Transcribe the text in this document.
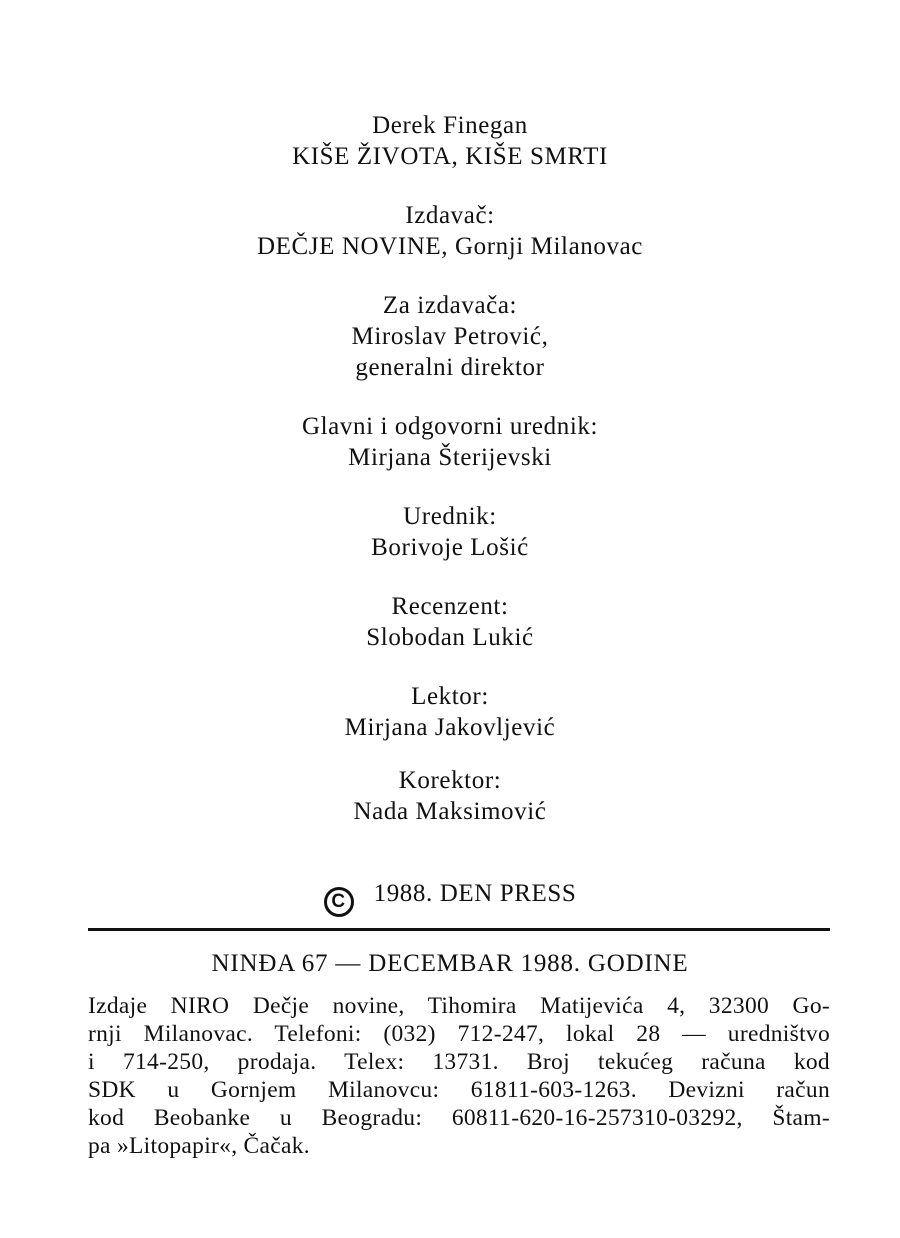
Derek Finegan
KIŠE ŽIVOTA, KIŠE SMRTI
Izdavač:
DEČJE NOVINE, Gornji Milanovac
Za izdavača:
Miroslav Petrović,
generalni direktor
Glavni i odgovorni urednik:
Mirjana Šterijevski
Urednik:
Borivoje Lošić
Recenzent:
Slobodan Lukić
Lektor:
Mirjana Jakovljević
Korektor:
Nada Maksimović
C 1988. DEN PRESS
NINĐA 67 — DECEMBAR 1988. GODINE
Izdaje NIRO Dečje novine, Tihomira Matijevića 4, 32300 Go-
rnji Milanovac. Telefoni: (032) 712-247, lokal 28 — uredništvo
i 714-250, prodaja. Telex: 13731. Broj tekućeg računa kod
SDK u Gornjem Milanovcu: 61811-603-1263. Devizni račun
kod Beobanke u Beogradu: 60811-620-16-257310-03292, Štam-
pa »Litopapir«, Čačak.
